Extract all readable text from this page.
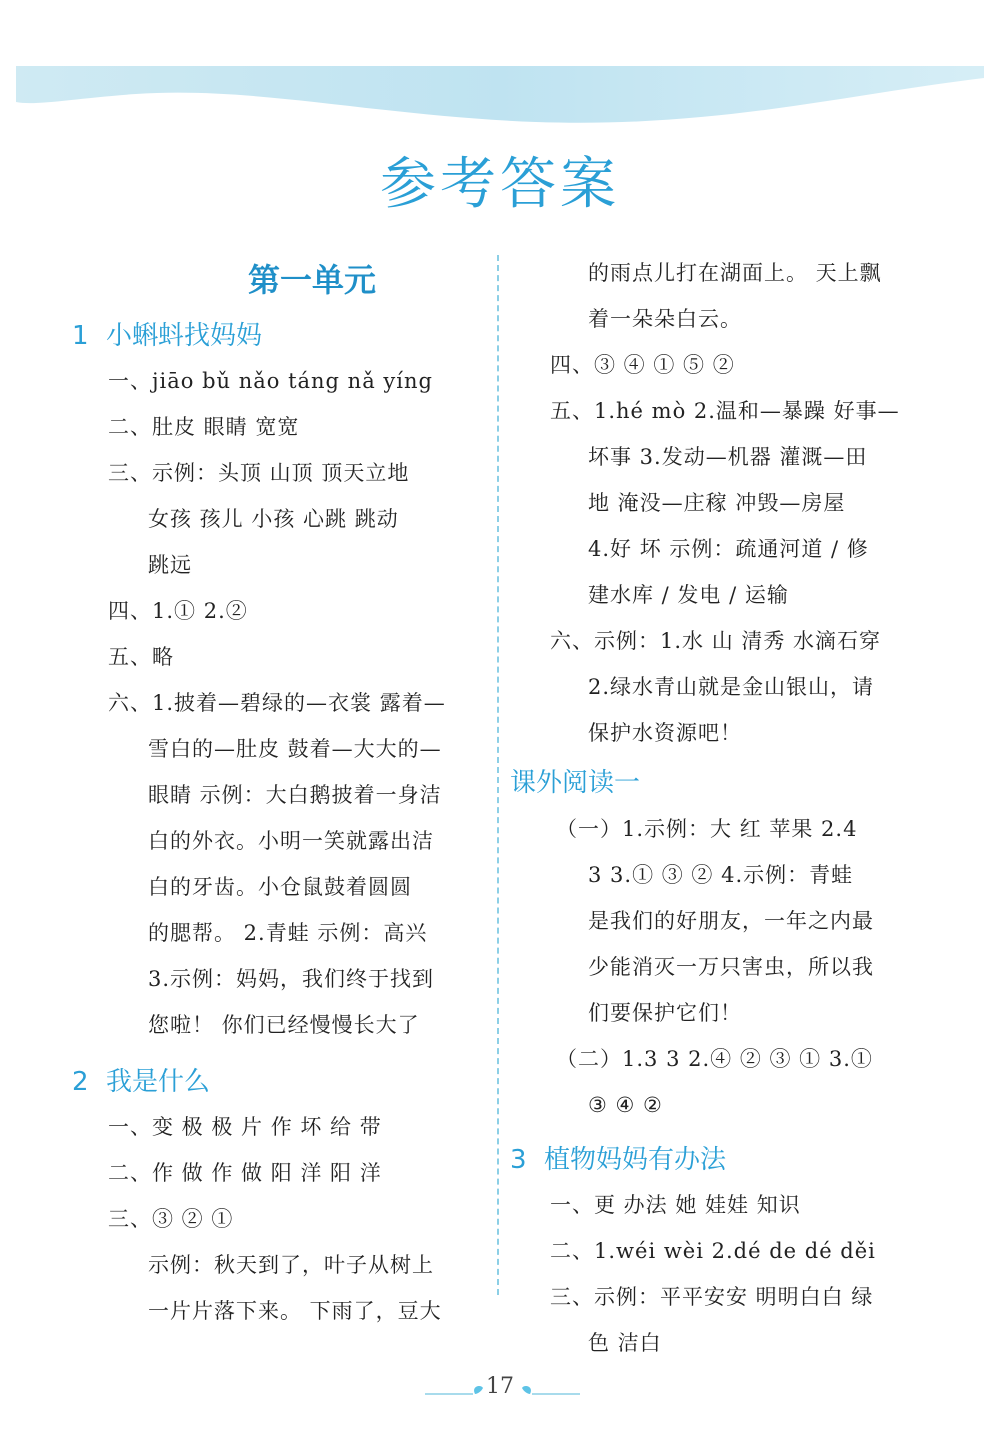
参考答案
第一单元
1 小蝌蚪找妈妈
一、jiāo bǔ nǎo táng nǎ yíng
二、肚皮 眼睛 宽宽
三、示例：头顶 山顶 顶天立地
女孩 孩儿 小孩 心跳 跳动
跳远
四、1.① 2.②
五、略
六、1.披着—碧绿的—衣裳 露着—
雪白的—肚皮 鼓着—大大的—
眼睛 示例：大白鹅披着一身洁
白的外衣。小明一笑就露出洁
白的牙齿。小仓鼠鼓着圆圆
的腮帮。 2.青蛙 示例：高兴
3.示例：妈妈，我们终于找到
您啦！ 你们已经慢慢长大了
2 我是什么
一、变 极 极 片 作 坏 给 带
二、作 做 作 做 阳 洋 阳 洋
三、③ ② ①
示例：秋天到了，叶子从树上
一片片落下来。 下雨了，豆大
的雨点儿打在湖面上。 天上飘
着一朵朵白云。
四、③ ④ ① ⑤ ②
五、1.hé mò 2.温和—暴躁 好事—
坏事 3.发动—机器 灌溉—田
地 淹没—庄稼 冲毁—房屋
4.好 坏 示例：疏通河道 / 修
建水库 / 发电 / 运输
六、示例：1.水 山 清秀 水滴石穿
2.绿水青山就是金山银山，请
保护水资源吧！
课外阅读一
（一）1.示例：大 红 苹果 2.4
3 3.① ③ ② 4.示例：青蛙
是我们的好朋友，一年之内最
少能消灭一万只害虫，所以我
们要保护它们！
（二）1.3 3 2.④ ② ③ ① 3.①
③ ④ ②
3 植物妈妈有办法
一、更 办法 她 娃娃 知识
二、1.wéi wèi 2.dé de dé děi
三、示例：平平安安 明明白白 绿
色 洁白
17
